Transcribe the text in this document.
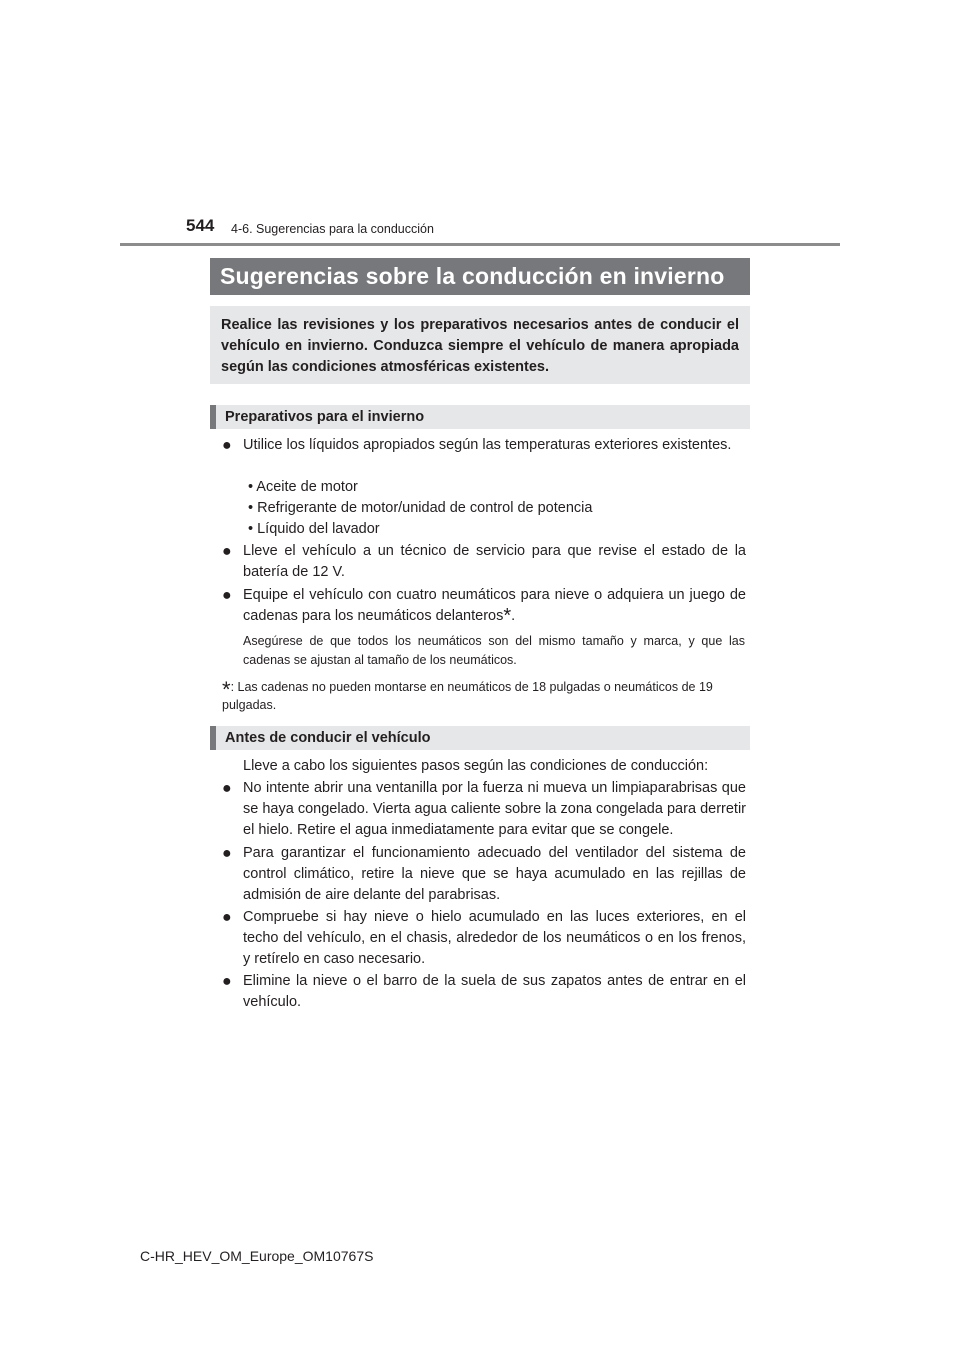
544 4-6. Sugerencias para la conducción
Sugerencias sobre la conducción en invierno
Realice las revisiones y los preparativos necesarios antes de conducir el vehículo en invierno. Conduzca siempre el vehículo de manera apropiada según las condiciones atmosféricas existentes.
Preparativos para el invierno
● Utilice los líquidos apropiados según las temperaturas exteriores existentes.
• Aceite de motor
• Refrigerante de motor/unidad de control de potencia
• Líquido del lavador
● Lleve el vehículo a un técnico de servicio para que revise el estado de la batería de 12 V.
● Equipe el vehículo con cuatro neumáticos para nieve o adquiera un juego de cadenas para los neumáticos delanteros*.
Asegúrese de que todos los neumáticos son del mismo tamaño y marca, y que las cadenas se ajustan al tamaño de los neumáticos.
*: Las cadenas no pueden montarse en neumáticos de 18 pulgadas o neumáticos de 19 pulgadas.
Antes de conducir el vehículo
Lleve a cabo los siguientes pasos según las condiciones de conducción:
● No intente abrir una ventanilla por la fuerza ni mueva un limpiaparabrisas que se haya congelado. Vierta agua caliente sobre la zona congelada para derretir el hielo. Retire el agua inmediatamente para evitar que se congele.
● Para garantizar el funcionamiento adecuado del ventilador del sistema de control climático, retire la nieve que se haya acumulado en las rejillas de admisión de aire delante del parabrisas.
● Compruebe si hay nieve o hielo acumulado en las luces exteriores, en el techo del vehículo, en el chasis, alrededor de los neumáticos o en los frenos, y retírelo en caso necesario.
● Elimine la nieve o el barro de la suela de sus zapatos antes de entrar en el vehículo.
C-HR_HEV_OM_Europe_OM10767S
